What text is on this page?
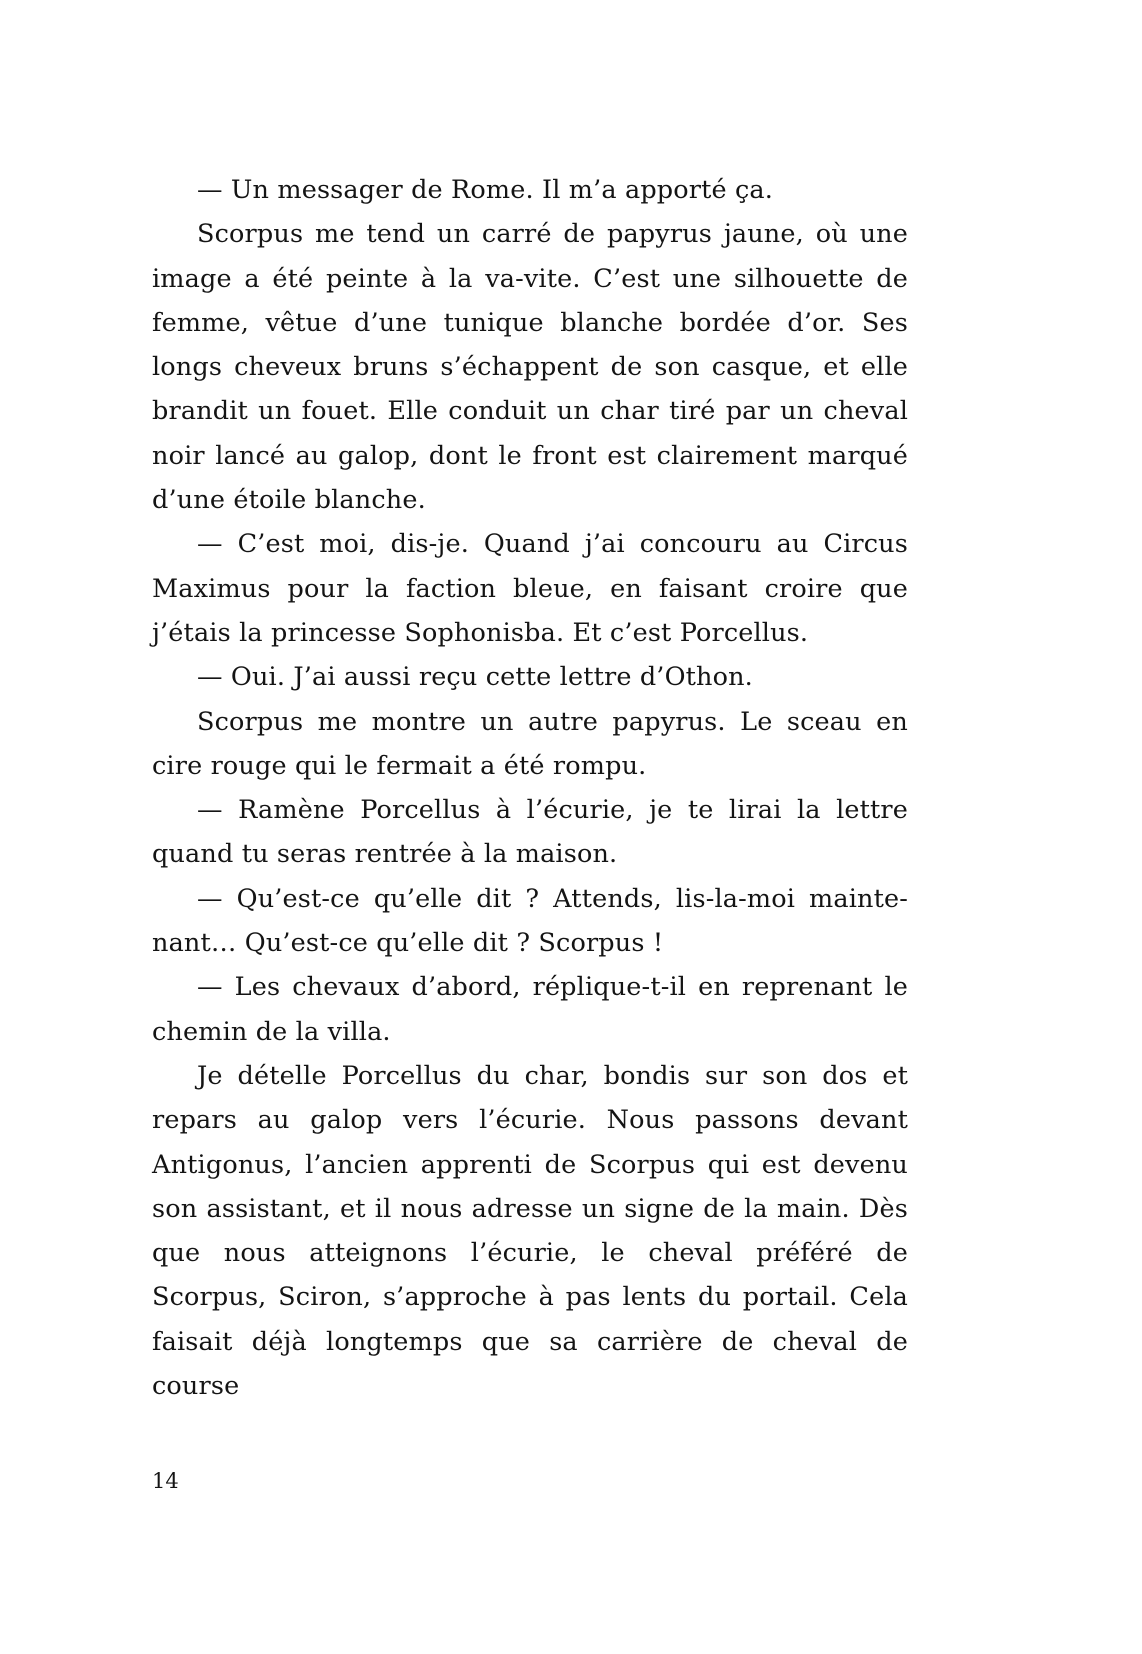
— Un messager de Rome. Il m’a apporté ça.

Scorpus me tend un carré de papyrus jaune, où une image a été peinte à la va-vite. C’est une silhouette de femme, vêtue d’une tunique blanche bordée d’or. Ses longs cheveux bruns s’échappent de son casque, et elle brandit un fouet. Elle conduit un char tiré par un cheval noir lancé au galop, dont le front est clairement marqué d’une étoile blanche.

— C’est moi, dis-je. Quand j’ai concouru au Circus Maximus pour la faction bleue, en faisant croire que j’étais la princesse Sophonisba. Et c’est Porcellus.

— Oui. J’ai aussi reçu cette lettre d’Othon.

Scorpus me montre un autre papyrus. Le sceau en cire rouge qui le fermait a été rompu.

— Ramène Porcellus à l’écurie, je te lirai la lettre quand tu seras rentrée à la maison.

— Qu’est-ce qu’elle dit ? Attends, lis-la-moi mainte-nant… Qu’est-ce qu’elle dit ? Scorpus !

— Les chevaux d’abord, réplique-t-il en reprenant le chemin de la villa.

Je dételle Porcellus du char, bondis sur son dos et repars au galop vers l’écurie. Nous passons devant Antigonus, l’ancien apprenti de Scorpus qui est devenu son assistant, et il nous adresse un signe de la main. Dès que nous atteignons l’écurie, le cheval préféré de Scorpus, Sciron, s’approche à pas lents du portail. Cela faisait déjà longtemps que sa carrière de cheval de course

14
